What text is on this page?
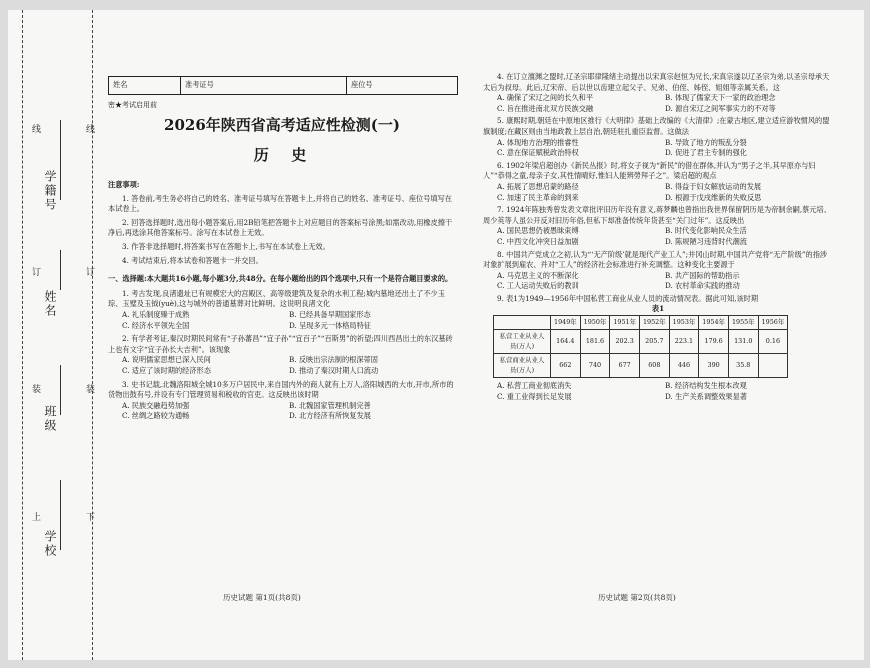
学校
班级
姓名
学籍号
线	线
订	订
装	装
上	下
姓名	准考证号	座位号
密★考试启用前
2026年陕西省高考适应性检测(一)
历  史

注意事项:

1. 答卷前,考生务必将自己的姓名、准考证号填写在答题卡上,并将自己的姓名、准考证号、座位号填写在本试卷上。

2. 回答选择题时,选出每小题答案后,用2B铅笔把答题卡上对应题目的答案标号涂黑;如需改动,用橡皮擦干净后,再选涂其他答案标号。涂写在本试卷上无效。

3. 作答非选择题时,将答案书写在答题卡上,书写在本试卷上无效。

4. 考试结束后,将本试卷和答题卡一并交回。

一、选择题:本大题共16小题,每小题3分,共48分。在每小题给出的四个选项中,只有一个是符合题目要求的。

1. 考古发现,良渚遗址已有规模宏大的宫殿区、高等级建筑及复杂的水利工程;城内墓地还出土了不少玉琮、玉璧及玉钺(yuè),这与城外的普通墓葬对比鲜明。这说明良渚文化

A. 礼乐制度臻于成熟	B. 已经具备早期国家形态
C. 经济水平领先全国	D. 呈现多元一体格局特征

2. 有学者考证,秦汉时期民间常有“子孙蕃昌”“宜子孙”“宜百子”“百斯男”的祈望;四川西昌出土的东汉墓砖上也有文字“宜子孙长大吉利”。该现象

A. 说明儒家思想已深入民间	B. 反映出宗法制的根深蒂固
C. 适应了该时期的经济形态	D. 推动了秦汉时期人口流动

3. 史书记载,北魏洛阳城全城10多万户居民中,来自国内外的商人就有上万人,洛阳城西的大市,开市,所市的货物出鼓有号,并设有专门管理贸易和税收的官吏。这反映出该时期

A. 民族交融趋势加强	B. 北魏国家管理机制完善
C. 丝绸之路较为通畅	D. 北方经济有所恢复发展

4. 在订立澶渊之盟时,辽圣宗耶律隆绪主动提出以宋真宗赵恒为兄长,宋真宗遂以辽圣宗为弟,以圣宗母承天太后为叔母。此后,辽宋帝、后以世以齿建立起父子、兄弟、伯侄、姊侄、姐姐等亲属关系。这

A. 确保了宋辽之间的长久和平	B. 体现了儒家天下一家的政治理念
C. 旨在推进南北双方民族交融	D. 源自宋辽之间军事实力的不对等

5. 康熙时期,朝廷在中原地区推行《大明律》基础上改编的《大清律》;在蒙古地区,建立适应游牧惯风的盟旗制度;在藏区则由当地政教上层自治,朝廷驻扎重臣监督。这做法

A. 体现地方治理的推睿性	B. 导致了地方的叛乱分裂
C. 意在保证赋税政治特权	D. 促进了君主专制的强化

6. 1902年梁启超创办《新民丛报》时,将女子视为“新民”的借在群体,并认为“男子之半,其早原亦与妇人”“恭得之童,母亲子女,其性情晴好,惟妇人能辨勞拜子之”。梁启超的观点

A. 拓展了思想启蒙的路径	B. 得益于妇女解放运动的发展
C. 加速了民主革命的到来	D. 根源于戊戌维新的失败反思

7. 1924年陈独秀曾发表文章批评旧历年没有意义,蒋梦麟也曾指出我世界保留阴历是为帝制余嗣,蔡元培、周少英等人虽公开反对旧历年俗,但私下却准备传统年货甚至“关门过年”。这反映出

A. 国民思想仍被愚昧束缚	B. 时代变化影响民众生活
C. 中西文化冲突日益加剧	D. 陈规陋习违背时代潮流

8. 中国共产党成立之初,认为“‘无产阶级’就是现代产业工人”;井冈山时期,中国共产党将“无产阶级”的指涉对象扩展到雇农、并对“工人”的经济社会标准进行补充调整。这种变化主要源于

A. 马克思主义的不断深化	B. 共产国际的帮助指示
C. 工人运动失败后的教训	D. 农村革命实践的推动

9. 表1为1949—1956年中国私营工商业从业人员的流动情况表。据此可知,该时期

表1

	1949年	1950年	1951年	1952年	1953年	1954年	1955年	1956年
私营工业从业人员(万人)	164.4	181.6	202.3	205.7	223.1	179.6	131.0	0.16
私营商业从业人员(万人)	662	740	677	608	446	390	35.8	
A. 私营工商业彻底消失	B. 经济结构发生根本改观
C. 重工业得到长足发展	D. 生产关系调整效果显著
历史试题 第1页(共8页)	历史试题 第2页(共8页)
